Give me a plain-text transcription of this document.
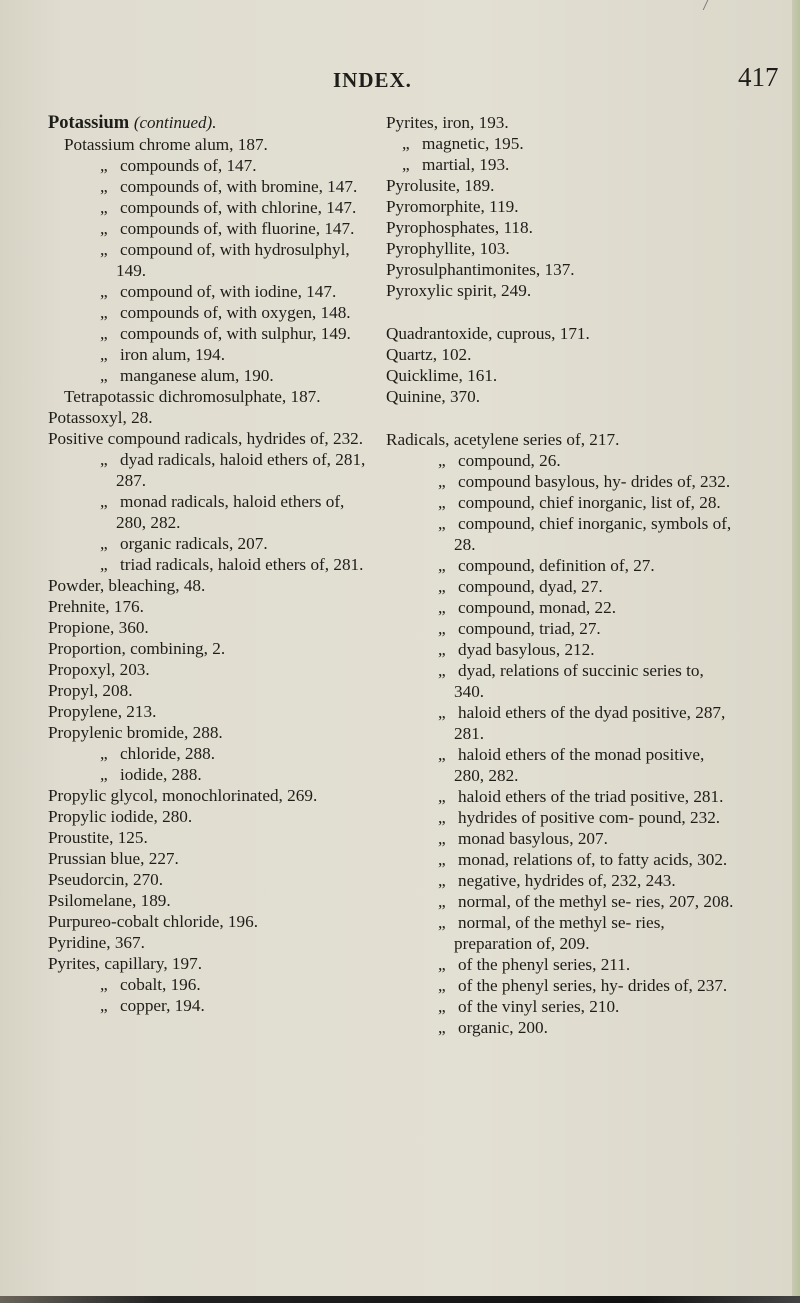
INDEX.	417

Potassium (continued).

Potassium chrome alum, 187.

„ compounds of, 147.

„ compounds of, with bromine, 147.

„ compounds of, with chlorine, 147.

„ compounds of, with fluorine, 147.

„ compound of, with hydrosulphyl, 149.

„ compound of, with iodine, 147.

„ compounds of, with oxygen, 148.

„ compounds of, with sulphur, 149.

„ iron alum, 194.

„ manganese alum, 190.

Tetrapotassic dichromosulphate, 187.

Potassoxyl, 28.

Positive compound radicals, hydrides of, 232.

„ dyad radicals, haloid ethers of, 281, 287.

„ monad radicals, haloid ethers of, 280, 282.

„ organic radicals, 207.

„ triad radicals, haloid ethers of, 281.

Powder, bleaching, 48.

Prehnite, 176.

Propione, 360.

Proportion, combining, 2.

Propoxyl, 203.

Propyl, 208.

Propylene, 213.

Propylenic bromide, 288.

„ chloride, 288.

„ iodide, 288.

Propylic glycol, monochlorinated, 269.

Propylic iodide, 280.

Proustite, 125.

Prussian blue, 227.

Pseudorcin, 270.

Psilomelane, 189.

Purpureo-cobalt chloride, 196.

Pyridine, 367.

Pyrites, capillary, 197.

„ cobalt, 196.

„ copper, 194.

Pyrites, iron, 193.

„ magnetic, 195.

„ martial, 193.

Pyrolusite, 189.

Pyromorphite, 119.

Pyrophosphates, 118.

Pyrophyllite, 103.

Pyrosulphantimonites, 137.

Pyroxylic spirit, 249.

Quadrantoxide, cuprous, 171.

Quartz, 102.

Quicklime, 161.

Quinine, 370.

Radicals, acetylene series of, 217.

„ compound, 26.

„ compound basylous, hy- drides of, 232.

„ compound, chief inorganic, list of, 28.

„ compound, chief inorganic, symbols of, 28.

„ compound, definition of, 27.

„ compound, dyad, 27.

„ compound, monad, 22.

„ compound, triad, 27.

„ dyad basylous, 212.

„ dyad, relations of succinic series to, 340.

„ haloid ethers of the dyad positive, 287, 281.

„ haloid ethers of the monad positive, 280, 282.

„ haloid ethers of the triad positive, 281.

„ hydrides of positive com- pound, 232.

„ monad basylous, 207.

„ monad, relations of, to fatty acids, 302.

„ negative, hydrides of, 232, 243.

„ normal, of the methyl se- ries, 207, 208.

„ normal, of the methyl se- ries, preparation of, 209.

„ of the phenyl series, 211.

„ of the phenyl series, hy- drides of, 237.

„ of the vinyl series, 210.

„ organic, 200.
